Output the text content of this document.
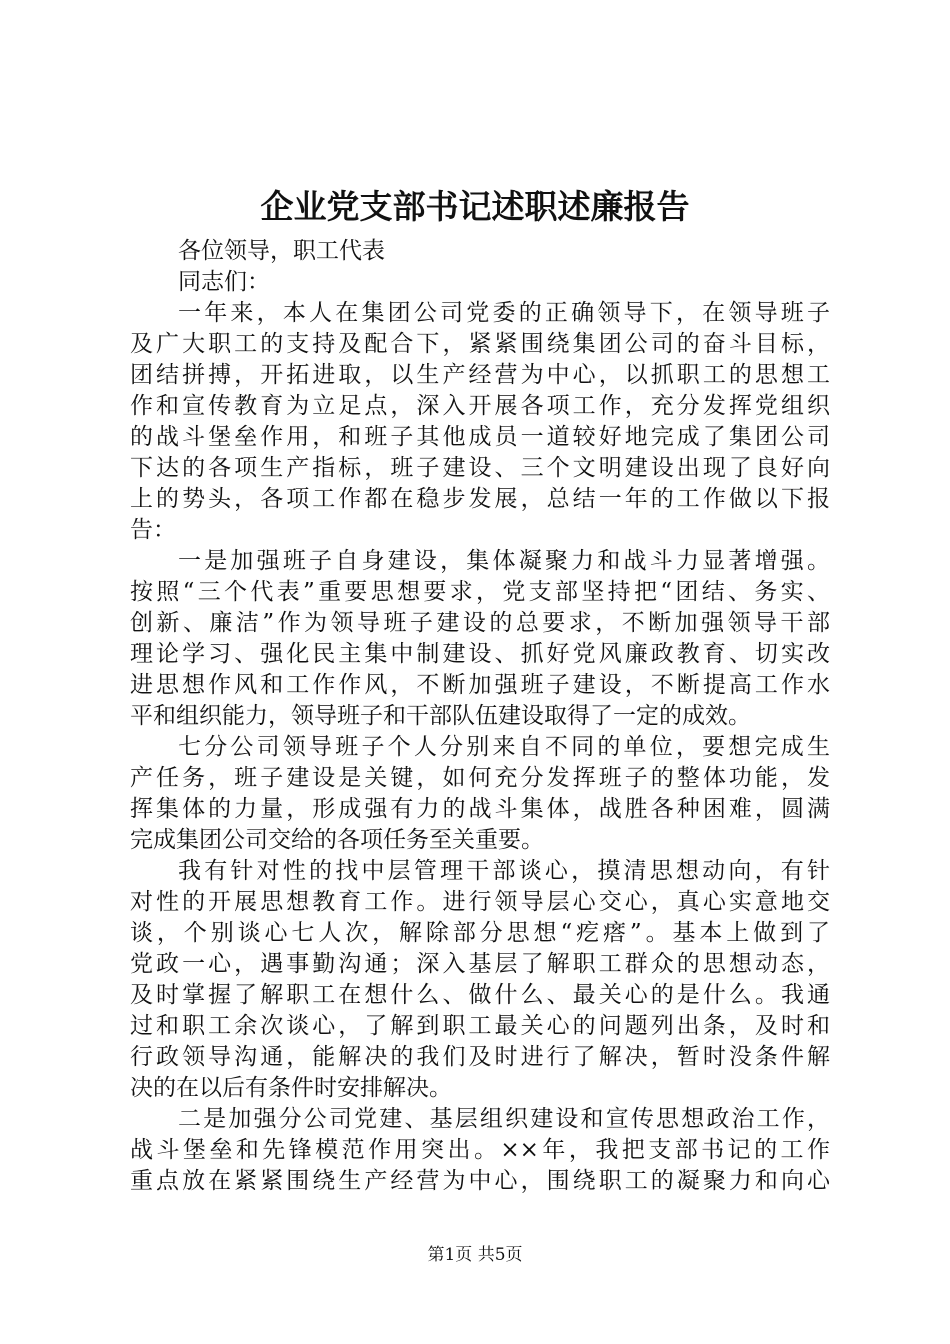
企业党支部书记述职述廉报告
各位领导，职工代表
同志们：
一年来，本人在集团公司党委的正确领导下，在领导班子
及广大职工的支持及配合下，紧紧围绕集团公司的奋斗目标，
团结拼搏，开拓进取，以生产经营为中心，以抓职工的思想工
作和宣传教育为立足点，深入开展各项工作，充分发挥党组织
的战斗堡垒作用，和班子其他成员一道较好地完成了集团公司
下达的各项生产指标，班子建设、三个文明建设出现了良好向
上的势头，各项工作都在稳步发展，总结一年的工作做以下报
告：
一是加强班子自身建设，集体凝聚力和战斗力显著增强。
按照“三个代表”重要思想要求，党支部坚持把“团结、务实、
创新、廉洁”作为领导班子建设的总要求，不断加强领导干部
理论学习、强化民主集中制建设、抓好党风廉政教育、切实改
进思想作风和工作作风，不断加强班子建设，不断提高工作水
平和组织能力，领导班子和干部队伍建设取得了一定的成效。
七分公司领导班子个人分别来自不同的单位，要想完成生
产任务，班子建设是关键，如何充分发挥班子的整体功能，发
挥集体的力量，形成强有力的战斗集体，战胜各种困难，圆满
完成集团公司交给的各项任务至关重要。
我有针对性的找中层管理干部谈心，摸清思想动向，有针
对性的开展思想教育工作。进行领导层心交心，真心实意地交
谈，个别谈心七人次，解除部分思想“疙瘩”。基本上做到了
党政一心，遇事勤沟通；深入基层了解职工群众的思想动态，
及时掌握了解职工在想什么、做什么、最关心的是什么。我通
过和职工余次谈心，了解到职工最关心的问题列出条，及时和
行政领导沟通，能解决的我们及时进行了解决，暂时没条件解
决的在以后有条件时安排解决。
二是加强分公司党建、基层组织建设和宣传思想政治工作，
战斗堡垒和先锋模范作用突出。××年，我把支部书记的工作
重点放在紧紧围绕生产经营为中心，围绕职工的凝聚力和向心
第1页 共5页
